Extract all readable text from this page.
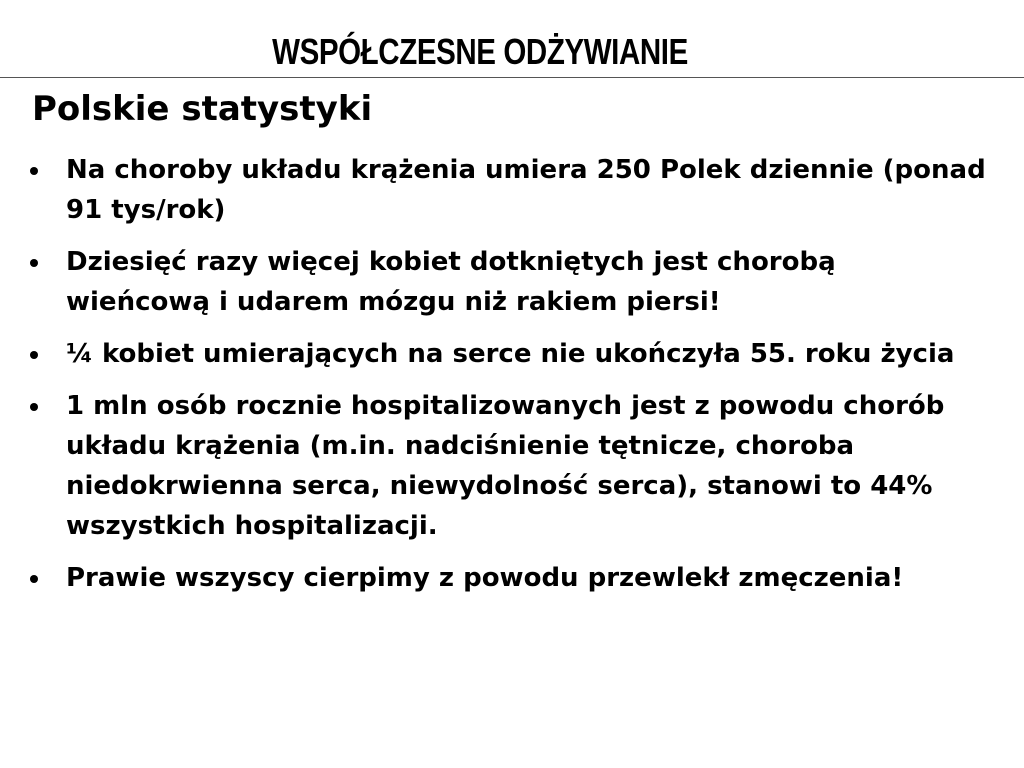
WSPÓŁCZESNE ODŻYWIANIE
Polskie statystyki
Na choroby układu krążenia umiera 250 Polek dziennie (ponad 91 tys/rok)
Dziesięć razy więcej kobiet dotkniętych jest chorobą wieńcową i udarem mózgu niż rakiem piersi!
¼ kobiet umierających na serce nie ukończyła 55. roku życia
1 mln osób rocznie hospitalizowanych jest z powodu chorób układu krążenia (m.in. nadciśnienie tętnicze, choroba niedokrwienna serca, niewydolność serca), stanowi to 44% wszystkich hospitalizacji.
Prawie wszyscy cierpimy z powodu przewlekł zmęczenia!
